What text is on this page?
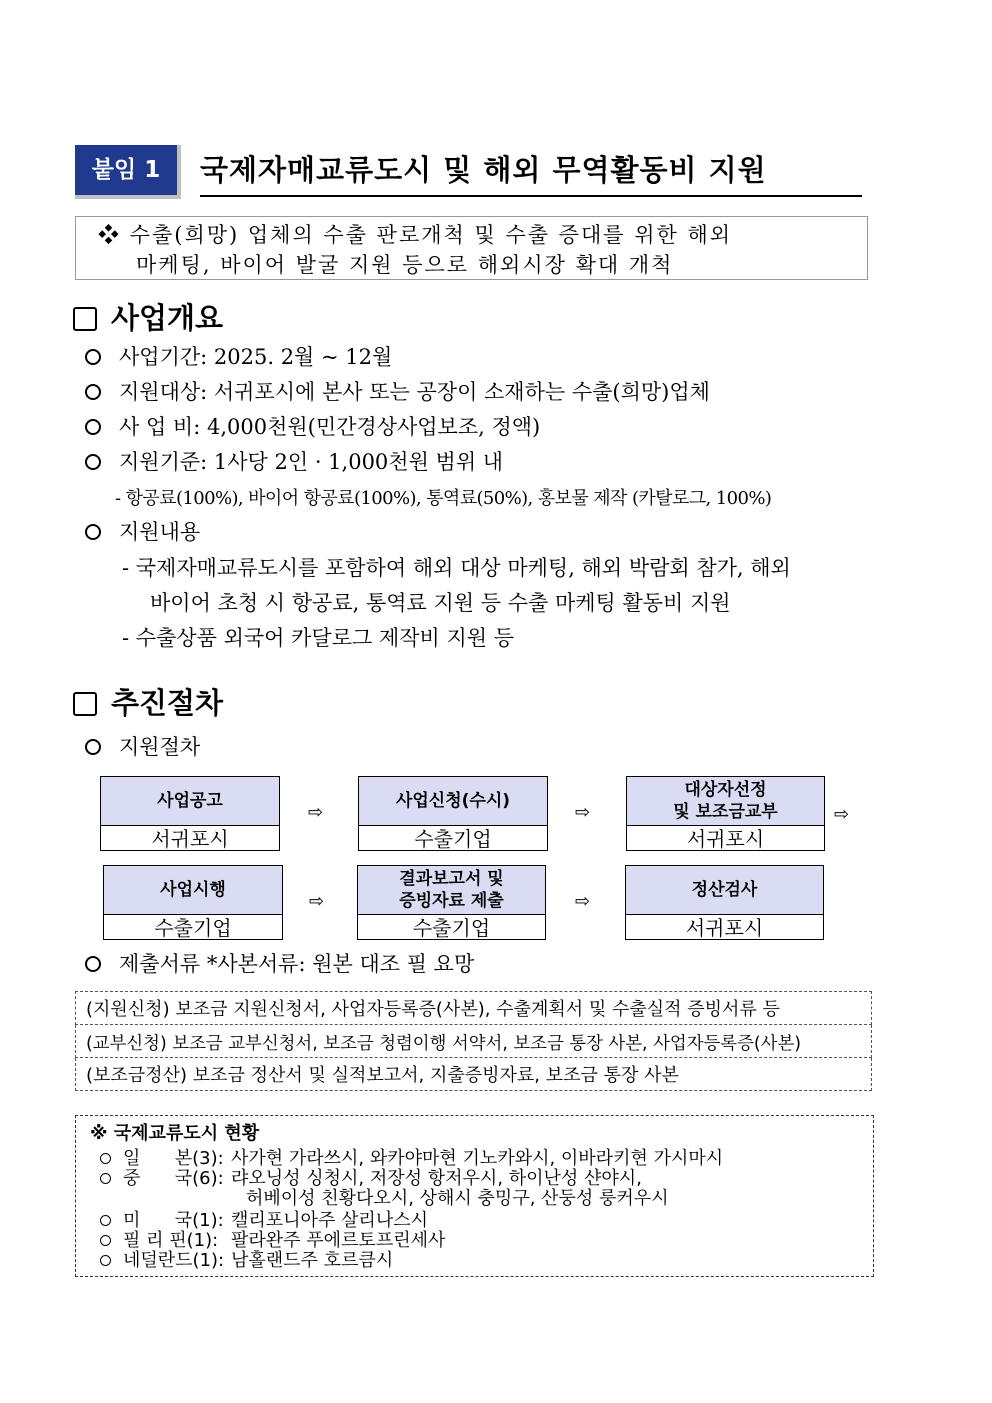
붙임 1	국제자매교류도시 및 해외 무역활동비 지원
❖ 수출(희망) 업체의 수출 판로개척 및 수출 증대를 위한 해외
마케팅, 바이어 발굴 지원 등으로 해외시장 확대 개척
사업개요
사업기간: 2025. 2월 ~ 12월
지원대상: 서귀포시에 본사 또는 공장이 소재하는 수출(희망)업체
사 업 비: 4,000천원(민간경상사업보조, 정액)
지원기준: 1사당 2인 · 1,000천원 범위 내
- 항공료(100%), 바이어 항공료(100%), 통역료(50%), 홍보물 제작 (카탈로그, 100%)
지원내용
- 국제자매교류도시를 포함하여 해외 대상 마케팅, 해외 박람회 참가, 해외
바이어 초청 시 항공료, 통역료 지원 등 수출 마케팅 활동비 지원
- 수출상품 외국어 카달로그 제작비 지원 등
추진절차
지원절차
사업공고
서귀포시
⇨
사업신청(수시)
수출기업
⇨
대상자선정
및 보조금교부
서귀포시
⇨
사업시행
수출기업
⇨
결과보고서 및
증빙자료 제출
수출기업
⇨
정산검사
서귀포시
제출서류 *사본서류: 원본 대조 필 요망
(지원신청) 보조금 지원신청서, 사업자등록증(사본), 수출계획서 및 수출실적 증빙서류 등
(교부신청) 보조금 교부신청서, 보조금 청렴이행 서약서, 보조금 통장 사본, 사업자등록증(사본)
(보조금정산) 보조금 정산서 및 실적보고서, 지출증빙자료, 보조금 통장 사본
※ 국제교류도시 현황
일      본(3): 사가현 가라쓰시, 와카야마현 기노카와시, 이바라키현 가시마시
중      국(6): 랴오닝성 싱청시, 저장성 항저우시, 하이난성 샨야시,
허베이성 친황다오시, 상해시 충밍구, 산둥성 룽커우시
미      국(1): 캘리포니아주 살리나스시
필 리 핀(1): 팔라완주 푸에르토프린세사
네덜란드(1): 남홀랜드주 호르큼시
